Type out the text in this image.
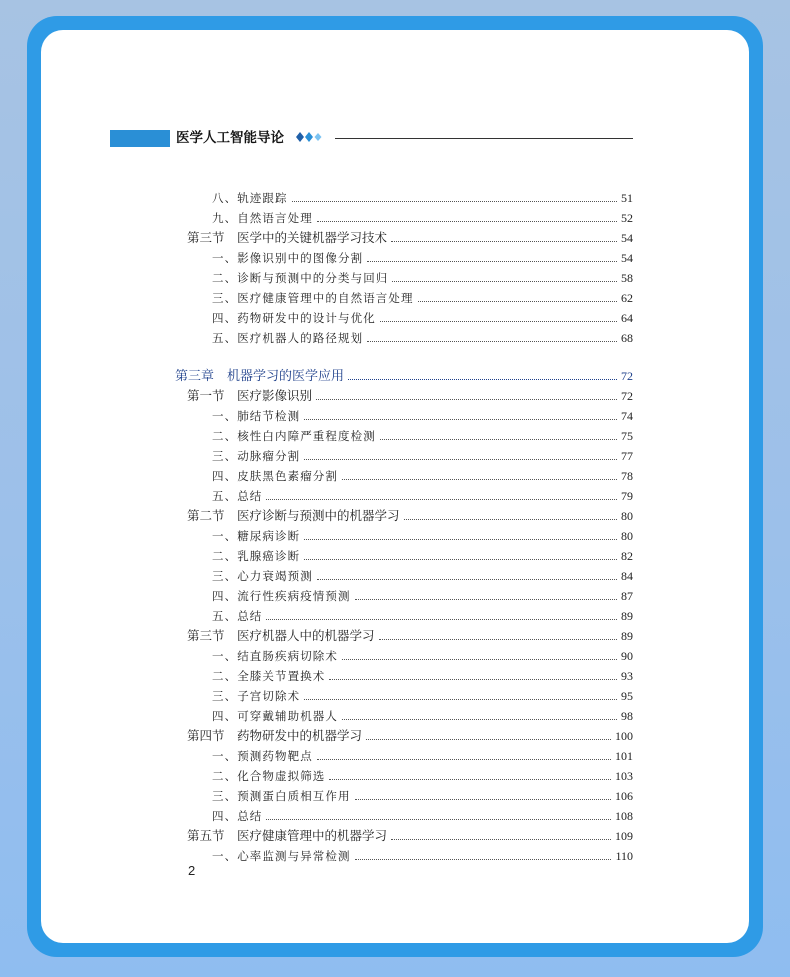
医学人工智能导论
八、轨迹跟踪	51
九、自然语言处理	52
第三节　医学中的关键机器学习技术	54
一、影像识别中的图像分割	54
二、诊断与预测中的分类与回归	58
三、医疗健康管理中的自然语言处理	62
四、药物研发中的设计与优化	64
五、医疗机器人的路径规划	68
第三章　机器学习的医学应用	72
第一节　医疗影像识别	72
一、肺结节检测	74
二、核性白内障严重程度检测	75
三、动脉瘤分割	77
四、皮肤黑色素瘤分割	78
五、总结	79
第二节　医疗诊断与预测中的机器学习	80
一、糖尿病诊断	80
二、乳腺癌诊断	82
三、心力衰竭预测	84
四、流行性疾病疫情预测	87
五、总结	89
第三节　医疗机器人中的机器学习	89
一、结直肠疾病切除术	90
二、全膝关节置换术	93
三、子宫切除术	95
四、可穿戴辅助机器人	98
第四节　药物研发中的机器学习	100
一、预测药物靶点	101
二、化合物虚拟筛选	103
三、预测蛋白质相互作用	106
四、总结	108
第五节　医疗健康管理中的机器学习	109
一、心率监测与异常检测	110
2
